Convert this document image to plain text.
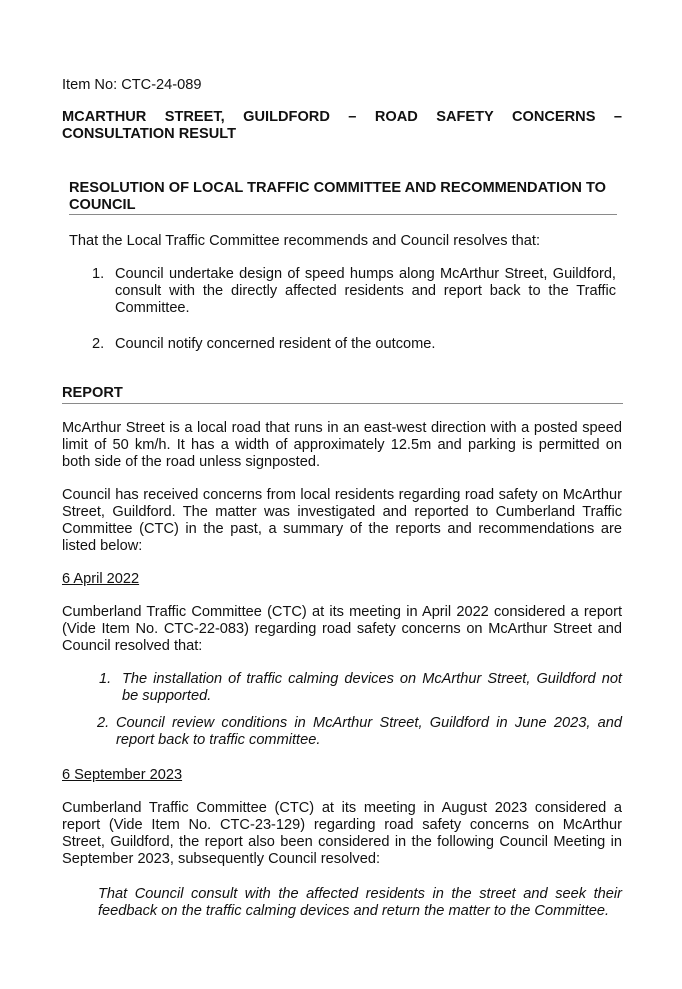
Item No: CTC-24-089
MCARTHUR STREET, GUILDFORD – ROAD SAFETY CONCERNS –
CONSULTATION RESULT
RESOLUTION OF LOCAL TRAFFIC COMMITTEE AND RECOMMENDATION TO
COUNCIL
That the Local Traffic Committee recommends and Council resolves that:
1. Council undertake design of speed humps along McArthur Street, Guildford,
consult with the directly affected residents and report back to the Traffic
Committee.
2. Council notify concerned resident of the outcome.
REPORT
McArthur Street is a local road that runs in an east-west direction with a posted speed
limit of 50 km/h. It has a width of approximately 12.5m and parking is permitted on
both side of the road unless signposted.
Council has received concerns from local residents regarding road safety on McArthur
Street, Guildford. The matter was investigated and reported to Cumberland Traffic
Committee (CTC) in the past, a summary of the reports and recommendations are
listed below:
6 April 2022
Cumberland Traffic Committee (CTC) at its meeting in April 2022 considered a report
(Vide Item No. CTC-22-083) regarding road safety concerns on McArthur Street and
Council resolved that:
1. The installation of traffic calming devices on McArthur Street, Guildford not
be supported.
2. Council review conditions in McArthur Street, Guildford in June 2023, and
report back to traffic committee.
6 September 2023
Cumberland Traffic Committee (CTC) at its meeting in August 2023 considered a
report (Vide Item No. CTC-23-129) regarding road safety concerns on McArthur
Street, Guildford, the report also been considered in the following Council Meeting in
September 2023, subsequently Council resolved:
That Council consult with the affected residents in the street and seek their
feedback on the traffic calming devices and return the matter to the Committee.
